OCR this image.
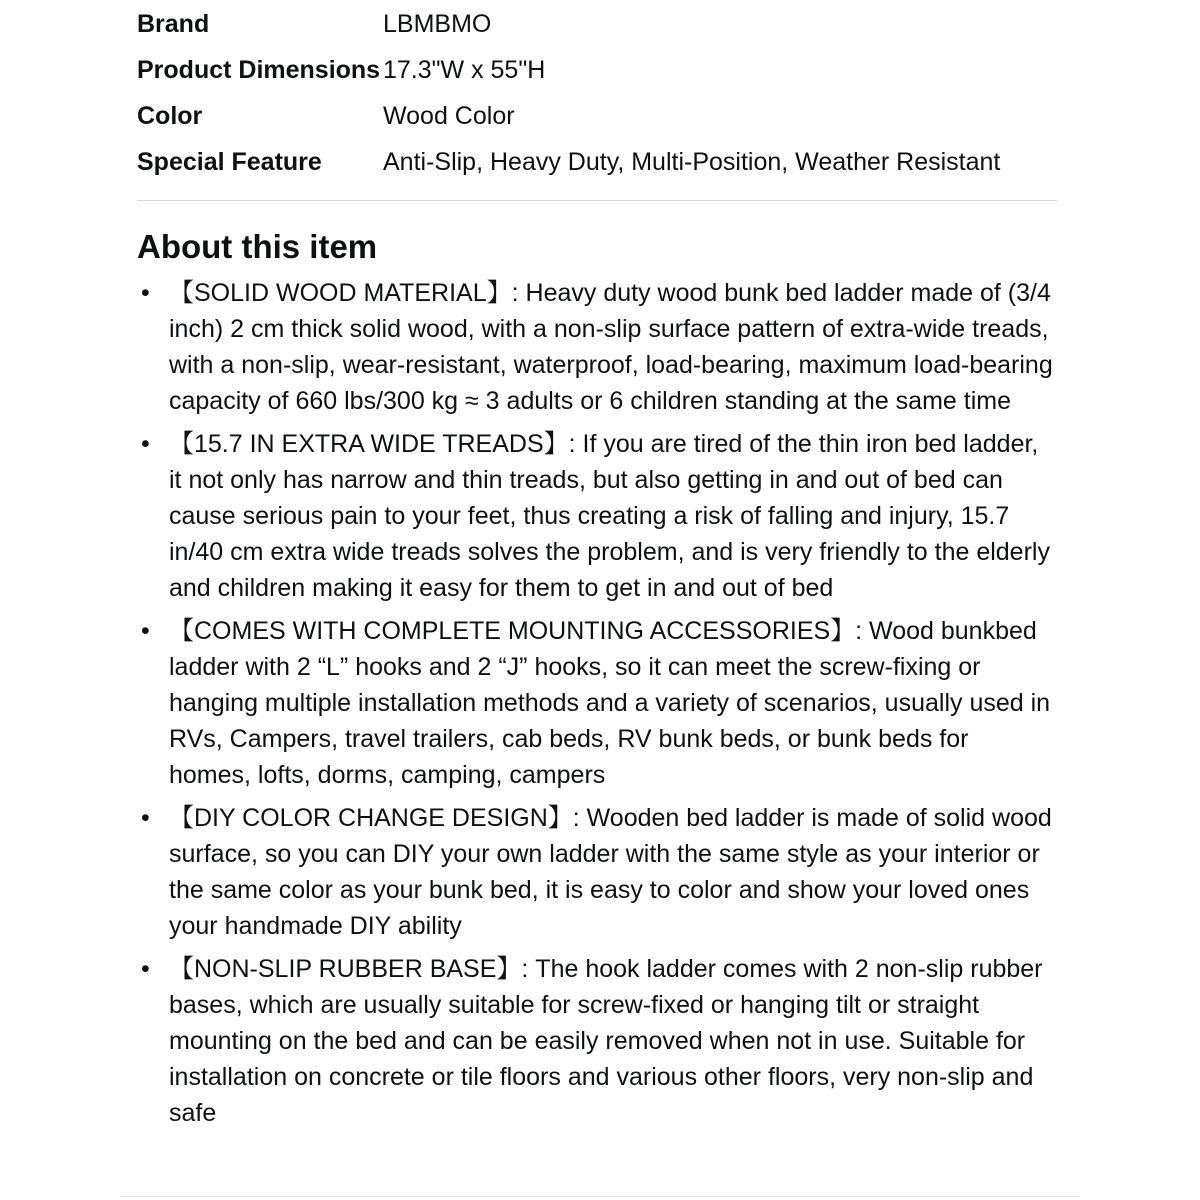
Brand	LBMBMO
Product Dimensions	17.3"W x 55"H
Color	Wood Color
Special Feature	Anti-Slip, Heavy Duty, Multi-Position, Weather Resistant
About this item
• 【SOLID WOOD MATERIAL】: Heavy duty wood bunk bed ladder made of (3/4 inch) 2 cm thick solid wood, with a non-slip surface pattern of extra-wide treads, with a non-slip, wear-resistant, waterproof, load-bearing, maximum load-bearing capacity of 660 lbs/300 kg ≈ 3 adults or 6 children standing at the same time
• 【15.7 IN EXTRA WIDE TREADS】: If you are tired of the thin iron bed ladder, it not only has narrow and thin treads, but also getting in and out of bed can cause serious pain to your feet, thus creating a risk of falling and injury, 15.7 in/40 cm extra wide treads solves the problem, and is very friendly to the elderly and children making it easy for them to get in and out of bed
• 【COMES WITH COMPLETE MOUNTING ACCESSORIES】: Wood bunkbed ladder with 2 “L” hooks and 2 “J” hooks, so it can meet the screw-fixing or hanging multiple installation methods and a variety of scenarios, usually used in RVs, Campers, travel trailers, cab beds, RV bunk beds, or bunk beds for homes, lofts, dorms, camping, campers
• 【DIY COLOR CHANGE DESIGN】: Wooden bed ladder is made of solid wood surface, so you can DIY your own ladder with the same style as your interior or the same color as your bunk bed, it is easy to color and show your loved ones your handmade DIY ability
• 【NON-SLIP RUBBER BASE】: The hook ladder comes with 2 non-slip rubber bases, which are usually suitable for screw-fixed or hanging tilt or straight mounting on the bed and can be easily removed when not in use. Suitable for installation on concrete or tile floors and various other floors, very non-slip and safe
